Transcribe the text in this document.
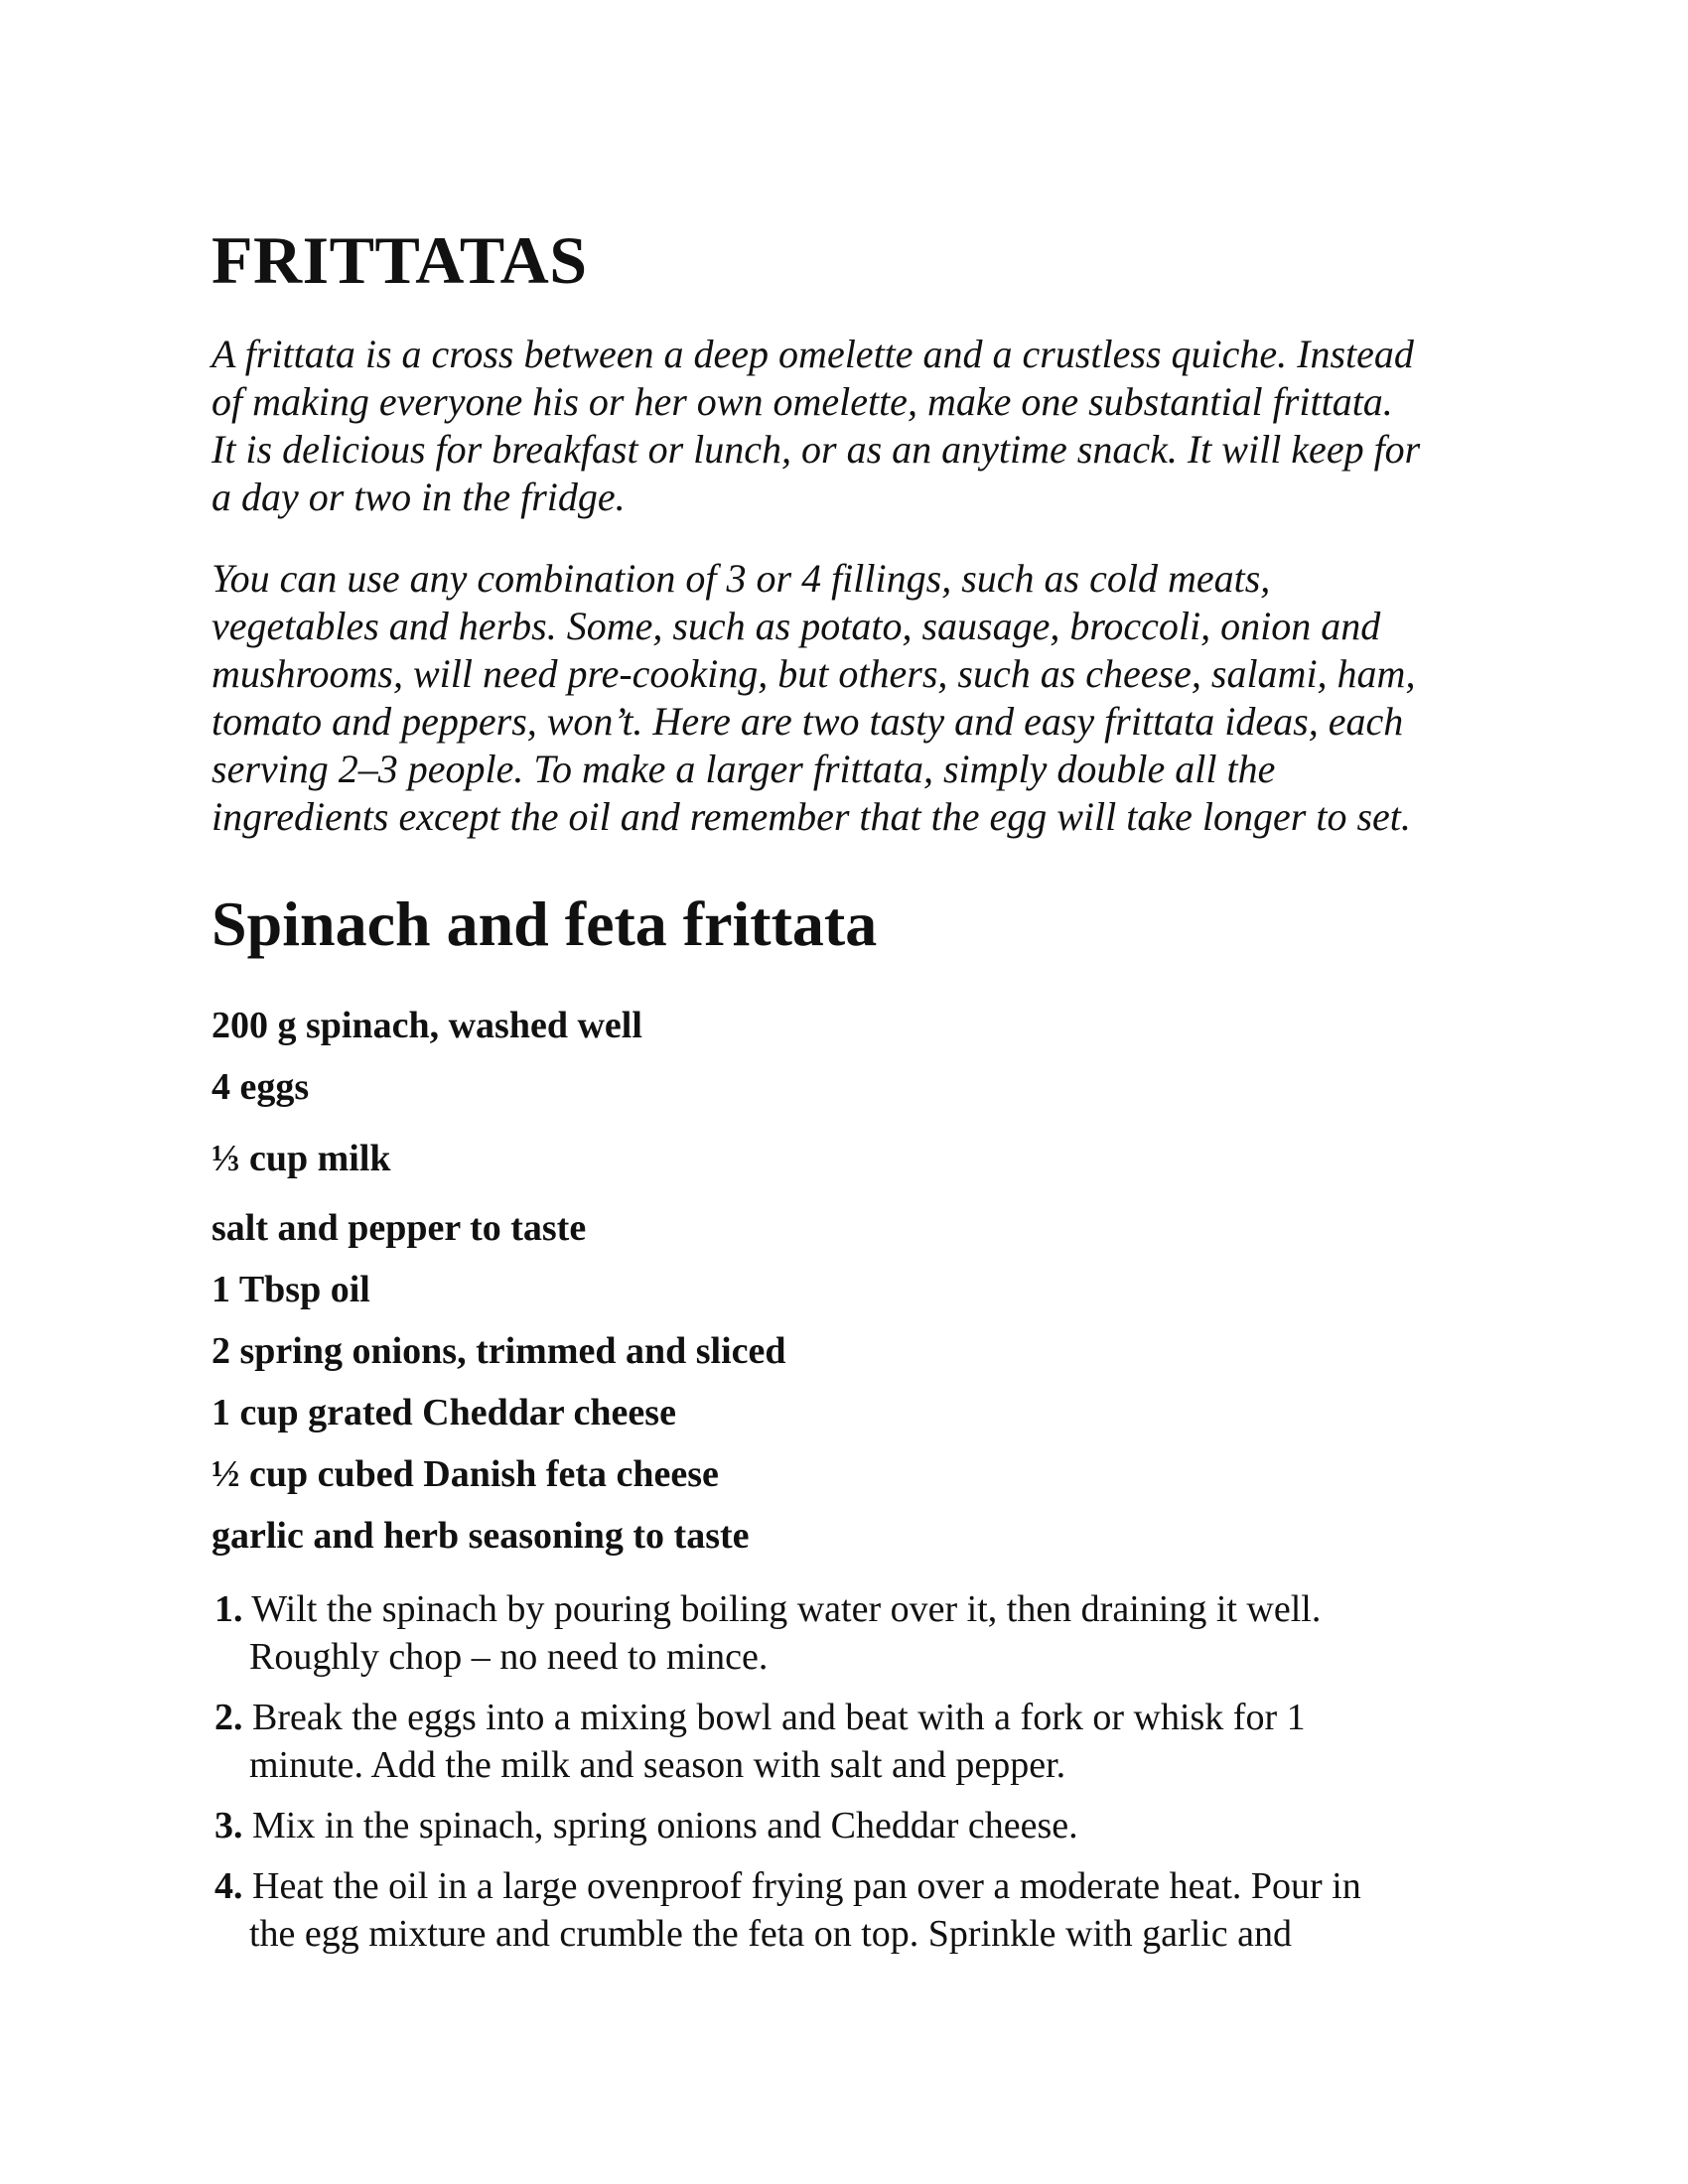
FRITTATAS

A frittata is a cross between a deep omelette and a crustless quiche. Instead
of making everyone his or her own omelette, make one substantial frittata.
It is delicious for breakfast or lunch, or as an anytime snack. It will keep for
a day or two in the fridge.

You can use any combination of 3 or 4 fillings, such as cold meats,
vegetables and herbs. Some, such as potato, sausage, broccoli, onion and
mushrooms, will need pre-cooking, but others, such as cheese, salami, ham,
tomato and peppers, won’t. Here are two tasty and easy frittata ideas, each
serving 2–3 people. To make a larger frittata, simply double all the
ingredients except the oil and remember that the egg will take longer to set.

Spinach and feta frittata
200 g spinach, washed well
4 eggs
⅓ cup milk
salt and pepper to taste
1 Tbsp oil
2 spring onions, trimmed and sliced
1 cup grated Cheddar cheese
½ cup cubed Danish feta cheese
garlic and herb seasoning to taste
1. Wilt the spinach by pouring boiling water over it, then draining it well.
Roughly chop – no need to mince.
2. Break the eggs into a mixing bowl and beat with a fork or whisk for 1
minute. Add the milk and season with salt and pepper.
3. Mix in the spinach, spring onions and Cheddar cheese.
4. Heat the oil in a large ovenproof frying pan over a moderate heat. Pour in
the egg mixture and crumble the feta on top. Sprinkle with garlic and
